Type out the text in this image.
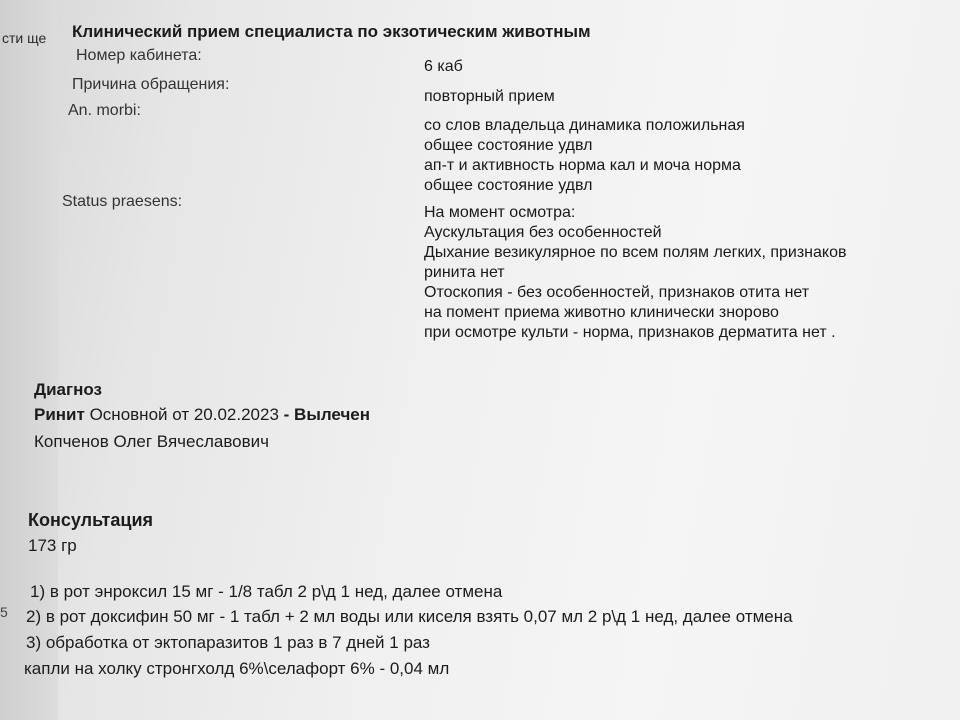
сти ще
5
Клинический прием специалиста по экзотическим животным
Номер кабинета:
6 каб
Причина обращения:
повторный прием
An. morbi:
со слов владельца динамика положильная
общее состояние удвл
ап-т и активность норма кал и моча норма
общее состояние удвл
Status praesens:
На момент осмотра:
Аускультация без особенностей
Дыхание везикулярное по всем полям легких, признаков
ринита нет
Отоскопия - без особенностей, признаков отита нет
на помент приема животно клинически знорово
при осмотре культи - норма, признаков дерматита нет .
Диагноз
Ринит Основной от 20.02.2023 - Вылечен
Копченов Олег Вячеславович
Консультация
173 гр
1) в рот энроксил 15 мг - 1/8 табл 2 р\д 1 нед, далее отмена
2) в рот доксифин 50 мг - 1 табл + 2 мл воды или киселя взять 0,07 мл 2 р\д 1 нед, далее отмена
3) обработка от эктопаразитов 1 раз в 7 дней 1 раз
капли на холку стронгхолд 6%\селафорт 6% - 0,04 мл
